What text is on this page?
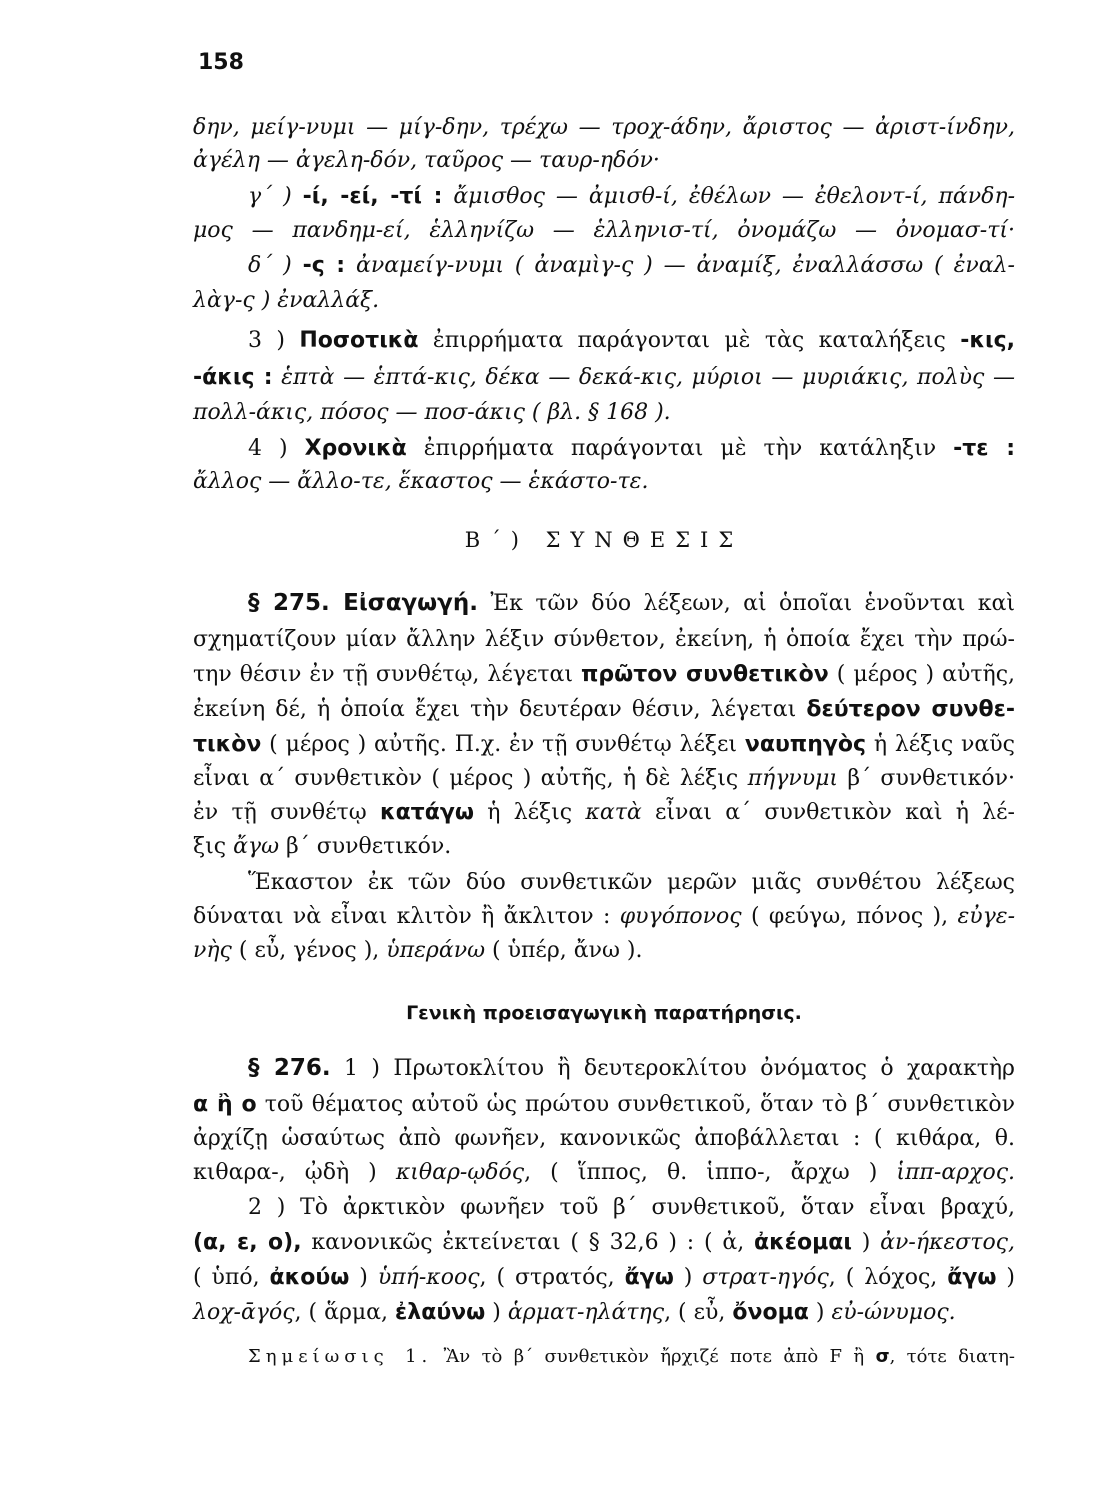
158
δην, μείγ-νυμι — μίγ-δην, τρέχω — τροχ-άδην, ἄριστος — ἀριστ-ίνδην,
ἀγέλη — ἀγελη-δόν, ταῦρος — ταυρ-ηδόν·
γ´ ) -ί, -εί, -τί : ἄμισθος — ἀμισθ-ί, ἐθέλων — ἐθελοντ-ί, πάνδη-
μος — πανδημ-εί, ἑλληνίζω — ἑλληνισ-τί, ὀνομάζω — ὀνομασ-τί·
δ´ ) -ς : ἀναμείγ-νυμι ( ἀναμὶγ-ς ) — ἀναμίξ, ἐναλλάσσω ( ἐναλ-
λὰγ-ς ) ἐναλλάξ.
3 ) Ποσοτικὰ ἐπιρρήματα παράγονται μὲ τὰς καταλήξεις -κις,
-άκις : ἑπτὰ — ἑπτά-κις, δέκα — δεκά-κις, μύριοι — μυριάκις, πολὺς —
πολλ-άκις, πόσος — ποσ-άκις ( βλ. § 168 ).
4 ) Χρονικὰ ἐπιρρήματα παράγονται μὲ τὴν κατάληξιν -τε :
ἄλλος — ἄλλο-τε, ἕκαστος — ἑκάστο-τε.
Β´) ΣΥΝΘΕΣΙΣ
§ 275. Εἰσαγωγή. Ἐκ τῶν δύο λέξεων, αἱ ὁποῖαι ἑνοῦνται καὶ
σχηματίζουν μίαν ἄλλην λέξιν σύνθετον, ἐκείνη, ἡ ὁποία ἔχει τὴν πρώ-
την θέσιν ἐν τῇ συνθέτῳ, λέγεται πρῶτον συνθετικὸν ( μέρος ) αὐτῆς,
ἐκείνη δέ, ἡ ὁποία ἔχει τὴν δευτέραν θέσιν, λέγεται δεύτερον συνθε-
τικὸν ( μέρος ) αὐτῆς. Π.χ. ἐν τῇ συνθέτῳ λέξει ναυπηγὸς ἡ λέξις ναῦς
εἶναι α´ συνθετικὸν ( μέρος ) αὐτῆς, ἡ δὲ λέξις πήγνυμι β´ συνθετικόν·
ἐν τῇ συνθέτῳ κατάγω ἡ λέξις κατὰ εἶναι α´ συνθετικὸν καὶ ἡ λέ-
ξις ἄγω β´ συνθετικόν.
Ἕκαστον ἐκ τῶν δύο συνθετικῶν μερῶν μιᾶς συνθέτου λέξεως
δύναται νὰ εἶναι κλιτὸν ἢ ἄκλιτον : φυγόπονος ( φεύγω, πόνος ), εὐγε-
νὴς ( εὖ, γένος ), ὑπεράνω ( ὑπέρ, ἄνω ).
Γενικὴ προεισαγωγικὴ παρατήρησις.
§ 276. 1 ) Πρωτοκλίτου ἢ δευτεροκλίτου ὀνόματος ὁ χαρακτὴρ
α ἢ ο τοῦ θέματος αὐτοῦ ὡς πρώτου συνθετικοῦ, ὅταν τὸ β´ συνθετικὸν
ἀρχίζῃ ὡσαύτως ἀπὸ φωνῆεν, κανονικῶς ἀποβάλλεται : ( κιθάρα, θ.
κιθαρα-, ᾠδὴ ) κιθαρ-ῳδός, ( ἵππος, θ. ἱππο-, ἄρχω ) ἱππ-αρχος.
2 ) Τὸ ἀρκτικὸν φωνῆεν τοῦ β´ συνθετικοῦ, ὅταν εἶναι βραχύ,
(α, ε, ο), κανονικῶς ἐκτείνεται ( § 32,6 ) : ( ἀ, ἀκέομαι ) ἀν-ήκεστος,
( ὑπό, ἀκούω ) ὑπή-κοος, ( στρατός, ἄγω ) στρατ-ηγός, ( λόχος, ἄγω )
λοχ-ᾱγός, ( ἅρμα, ἐλαύνω ) ἁρματ-ηλάτης, ( εὖ, ὄνομα ) εὐ-ώνυμος.
Σημείωσις 1. Ἂν τὸ β´ συνθετικὸν ἤρχιζέ ποτε ἀπὸ F ἢ σ, τότε διατη-
